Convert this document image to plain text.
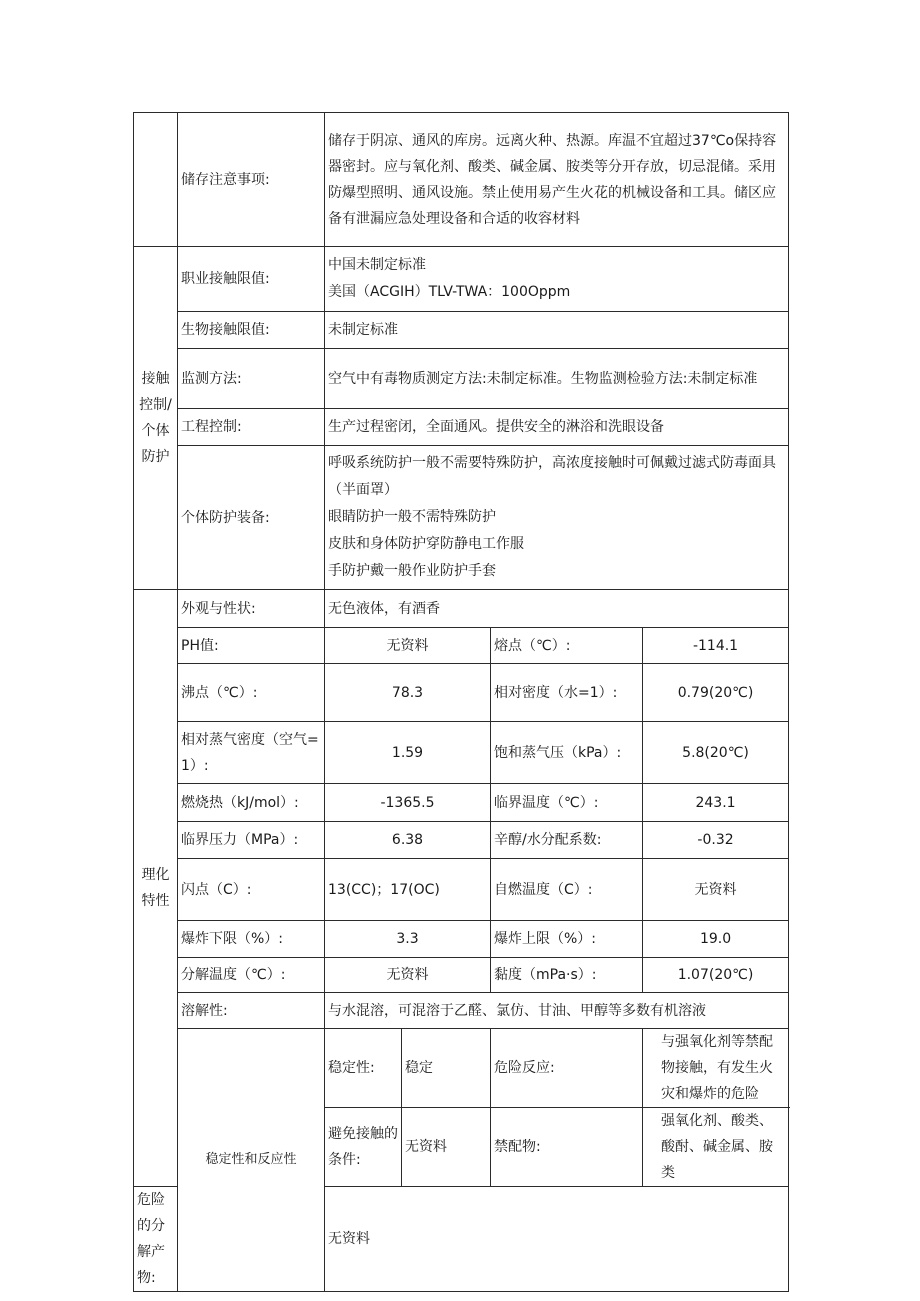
	储存注意事项:	储存于阴凉、通风的库房。远离火种、热源。库温不宜超过37℃o保持容器密封。应与氧化剂、酸类、碱金属、胺类等分开存放，切忌混储。采用防爆型照明、通风设施。禁止使用易产生火花的机械设备和工具。储区应备有泄漏应急处理设备和合适的收容材料			
接触控制/个体防护	职业接触限值:	中国未制定标准
美国（ACGIH）TLV-TWA：100Oppm			

	生物接触限值:	未制定标准			
	监测方法:	空气中有毒物质测定方法:未制定标准。生物监测检验方法:未制定标准			
	工程控制:	生产过程密闭，全面通风。提供安全的淋浴和洗眼设备			
	个体防护装备:	呼吸系统防护一般不需要特殊防护，高浓度接触时可佩戴过滤式防毒面具（半面罩）
眼睛防护一般不需特殊防护
皮肤和身体防护穿防静电工作服
手防护戴一般作业防护手套			

理化特性	外观与性状:	无色液体，有酒香			
	PH值:	无资料		熔点（℃）:	-114.1
	沸点（℃）:	78.3		相对密度（水=1）:	0.79(20℃)
	相对蒸气密度（空气=1）:	1.59		饱和蒸气压（kPa）:	5.8(20℃)
	燃烧热（kJ/mol）:	-1365.5		临界温度（℃）:	243.1
	临界压力（MPa）:	6.38		辛醇/水分配系数:	-0.32
	闪点（C）:	13(CC)；17(OC)		自燃温度（C）:	无资料
	爆炸下限（%）:	3.3		爆炸上限（%）:	19.0
	分解温度（℃）:	无资料		黏度（mPa·s）:	1.07(20℃)
	溶解性:	与水混溶，可混溶于乙醛、氯仿、甘油、甲醇等多数有机溶液			
	稳定性和反应性	稳定性:	稳定	危险反应:	与强氧化剂等禁配物接触，有发生火灾和爆炸的危险
		避免接触的条件:	无资料	禁配物:	强氧化剂、酸类、酸酎、碱金属、胺类
危险的分解产物:		无资料			
